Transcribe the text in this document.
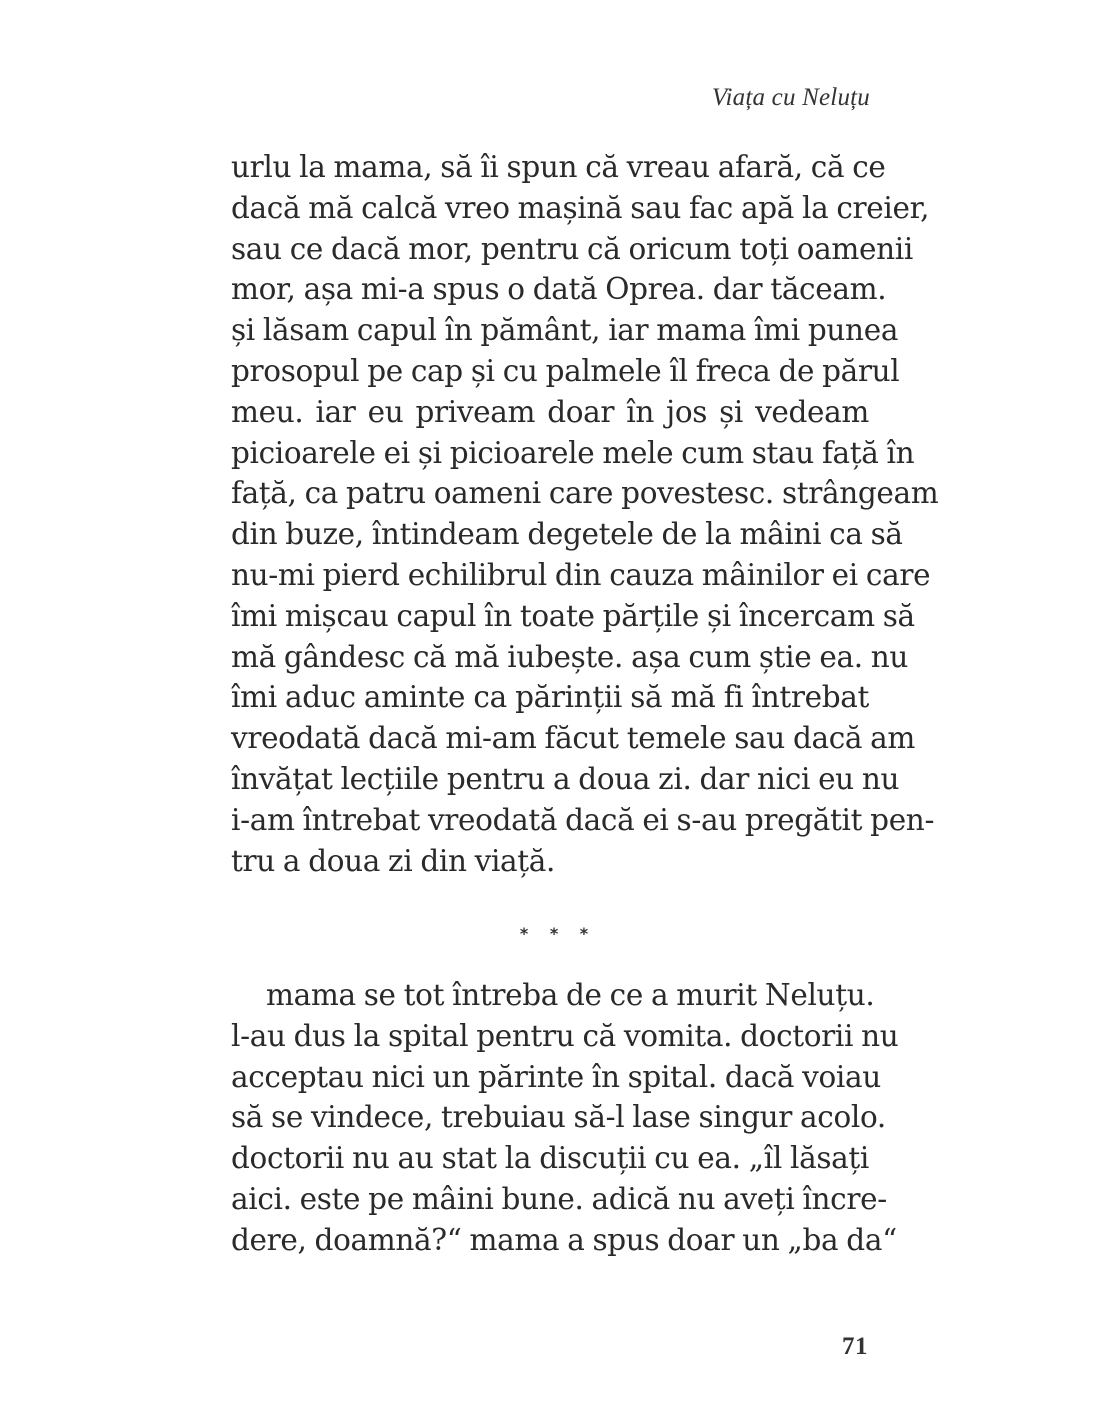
Viața cu Neluțu
urlu la mama, să îi spun că vreau afară, că ce
dacă mă calcă vreo mașină sau fac apă la creier,
sau ce dacă mor, pentru că oricum toți oamenii
mor, așa mi-a spus o dată Oprea. dar tăceam.
și lăsam capul în pământ, iar mama îmi punea
prosopul pe cap și cu palmele îl freca de părul
meu. iar eu priveam doar în jos și vedeam
picioarele ei și picioarele mele cum stau față în
față, ca patru oameni care povestesc. strângeam
din buze, întindeam degetele de la mâini ca să
nu-mi pierd echilibrul din cauza mâinilor ei care
îmi mișcau capul în toate părțile și încercam să
mă gândesc că mă iubește. așa cum știe ea. nu
îmi aduc aminte ca părinții să mă fi întrebat
vreodată dacă mi-am făcut temele sau dacă am
învățat lecțiile pentru a doua zi. dar nici eu nu
i-am întrebat vreodată dacă ei s-au pregătit pen-
tru a doua zi din viață.
* * *
mama se tot întreba de ce a murit Neluțu.
l-au dus la spital pentru că vomita. doctorii nu
acceptau nici un părinte în spital. dacă voiau
să se vindece, trebuiau să-l lase singur acolo.
doctorii nu au stat la discuții cu ea. „îl lăsați
aici. este pe mâini bune. adică nu aveți încre-
dere, doamnă?“ mama a spus doar un „ba da“
71
